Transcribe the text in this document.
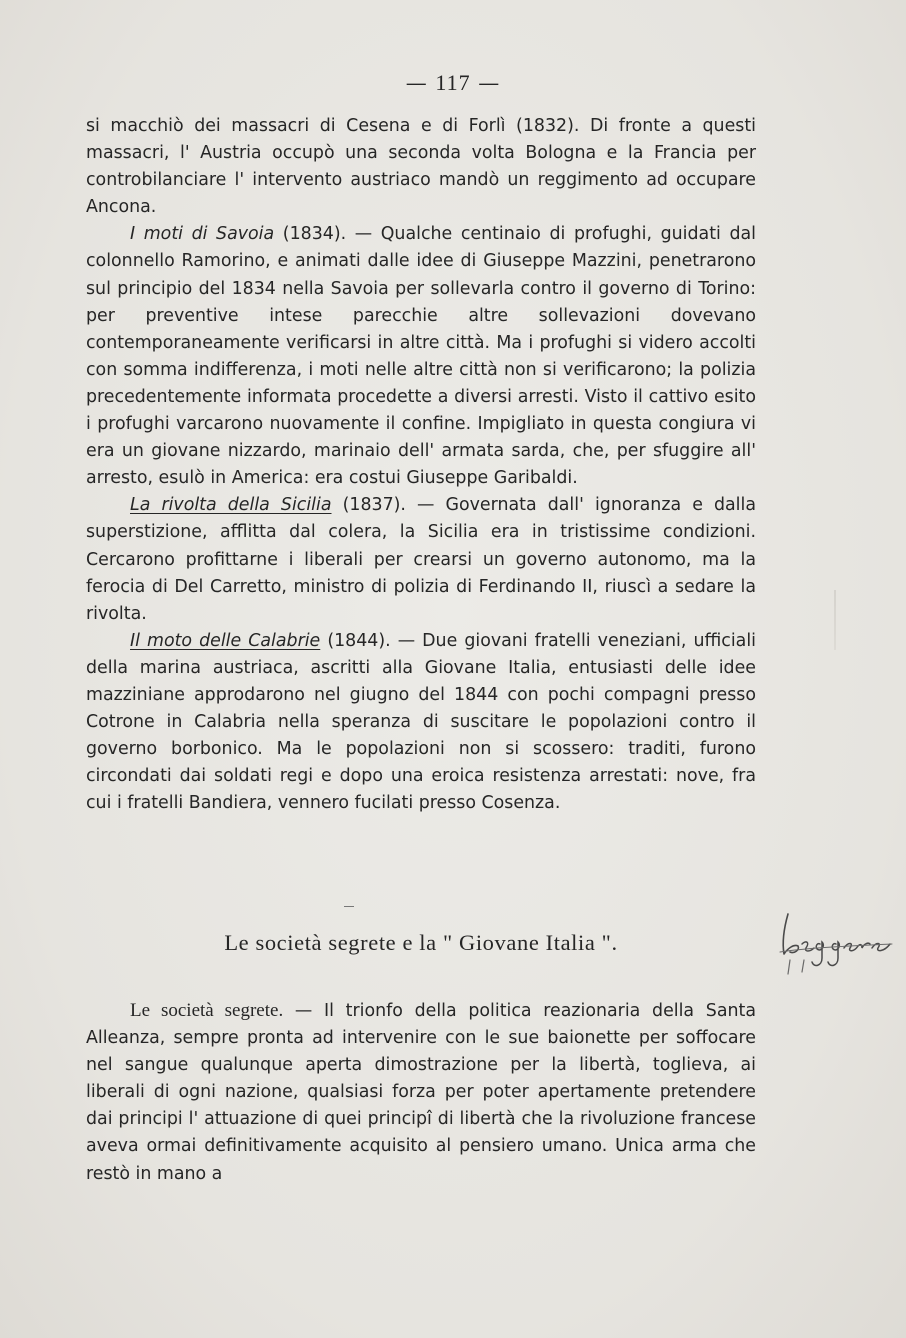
— 117 —

si macchiò dei massacri di Cesena e di Forlì (1832). Di fronte a questi massacri, l' Austria occupò una seconda volta Bologna e la Francia per controbilanciare l' intervento austriaco mandò un reggimento ad occupare Ancona.

I moti di Savoia (1834). — Qualche centinaio di profughi, guidati dal colonnello Ramorino, e animati dalle idee di Giuseppe Mazzini, penetrarono sul principio del 1834 nella Savoia per sollevarla contro il governo di Torino: per preventive intese parecchie altre sollevazioni dovevano contemporaneamente verificarsi in altre città. Ma i profughi si videro accolti con somma indifferenza, i moti nelle altre città non si verificarono; la polizia precedentemente informata procedette a diversi arresti. Visto il cattivo esito i profughi varcarono nuovamente il confine. Impigliato in questa congiura vi era un giovane nizzardo, marinaio dell' armata sarda, che, per sfuggire all' arresto, esulò in America: era costui Giuseppe Garibaldi.

La rivolta della Sicilia (1837). — Governata dall' ignoranza e dalla superstizione, afflitta dal colera, la Sicilia era in tristissime condizioni. Cercarono profittarne i liberali per crearsi un governo autonomo, ma la ferocia di Del Carretto, ministro di polizia di Ferdinando II, riuscì a sedare la rivolta.

Il moto delle Calabrie (1844). — Due giovani fratelli veneziani, ufficiali della marina austriaca, ascritti alla Giovane Italia, entusiasti delle idee mazziniane approdarono nel giugno del 1844 con pochi compagni presso Cotrone in Calabria nella speranza di suscitare le popolazioni contro il governo borbonico. Ma le popolazioni non si scossero: traditi, furono circondati dai soldati regi e dopo una eroica resistenza arrestati: nove, fra cui i fratelli Bandiera, vennero fucilati presso Cosenza.

Le società segrete e la " Giovane Italia ".

Le società segrete. — Il trionfo della politica reazionaria della Santa Alleanza, sempre pronta ad intervenire con le sue baionette per soffocare nel sangue qualunque aperta dimostrazione per la libertà, toglieva, ai liberali di ogni nazione, qualsiasi forza per poter apertamente pretendere dai principi l' attuazione di quei principî di libertà che la rivoluzione francese aveva ormai definitivamente acquisito al pensiero umano. Unica arma che restò in mano a
